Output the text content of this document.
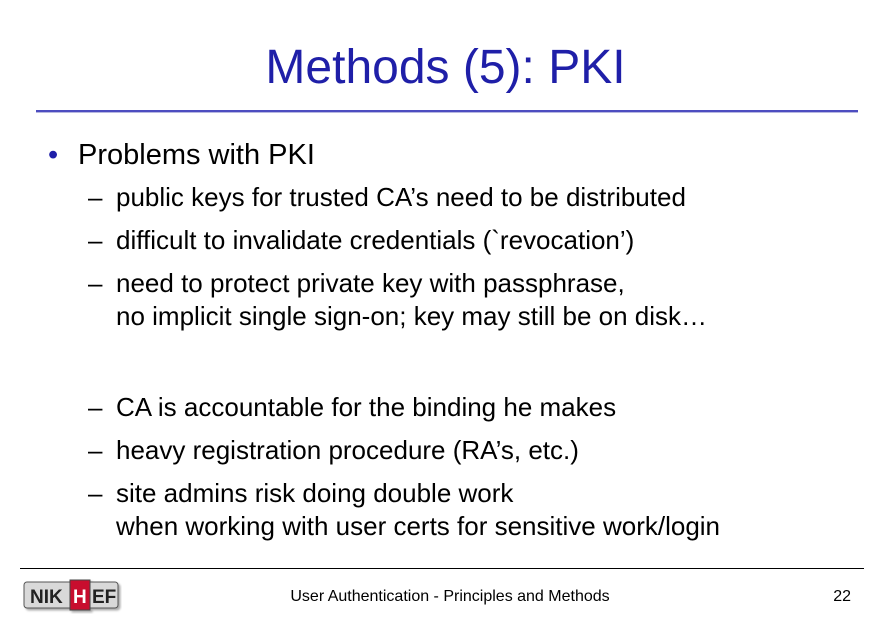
Methods (5): PKI
• Problems with PKI
– public keys for trusted CA’s need to be distributed
– difficult to invalidate credentials (`revocation’)
– need to protect private key with passphrase,
no implicit single sign-on; key may still be on disk…
– CA is accountable for the binding he makes
– heavy registration procedure (RA’s, etc.)
– site admins risk doing double work
when working with user certs for sensitive work/login
NIK H EF	User Authentication - Principles and Methods	22
